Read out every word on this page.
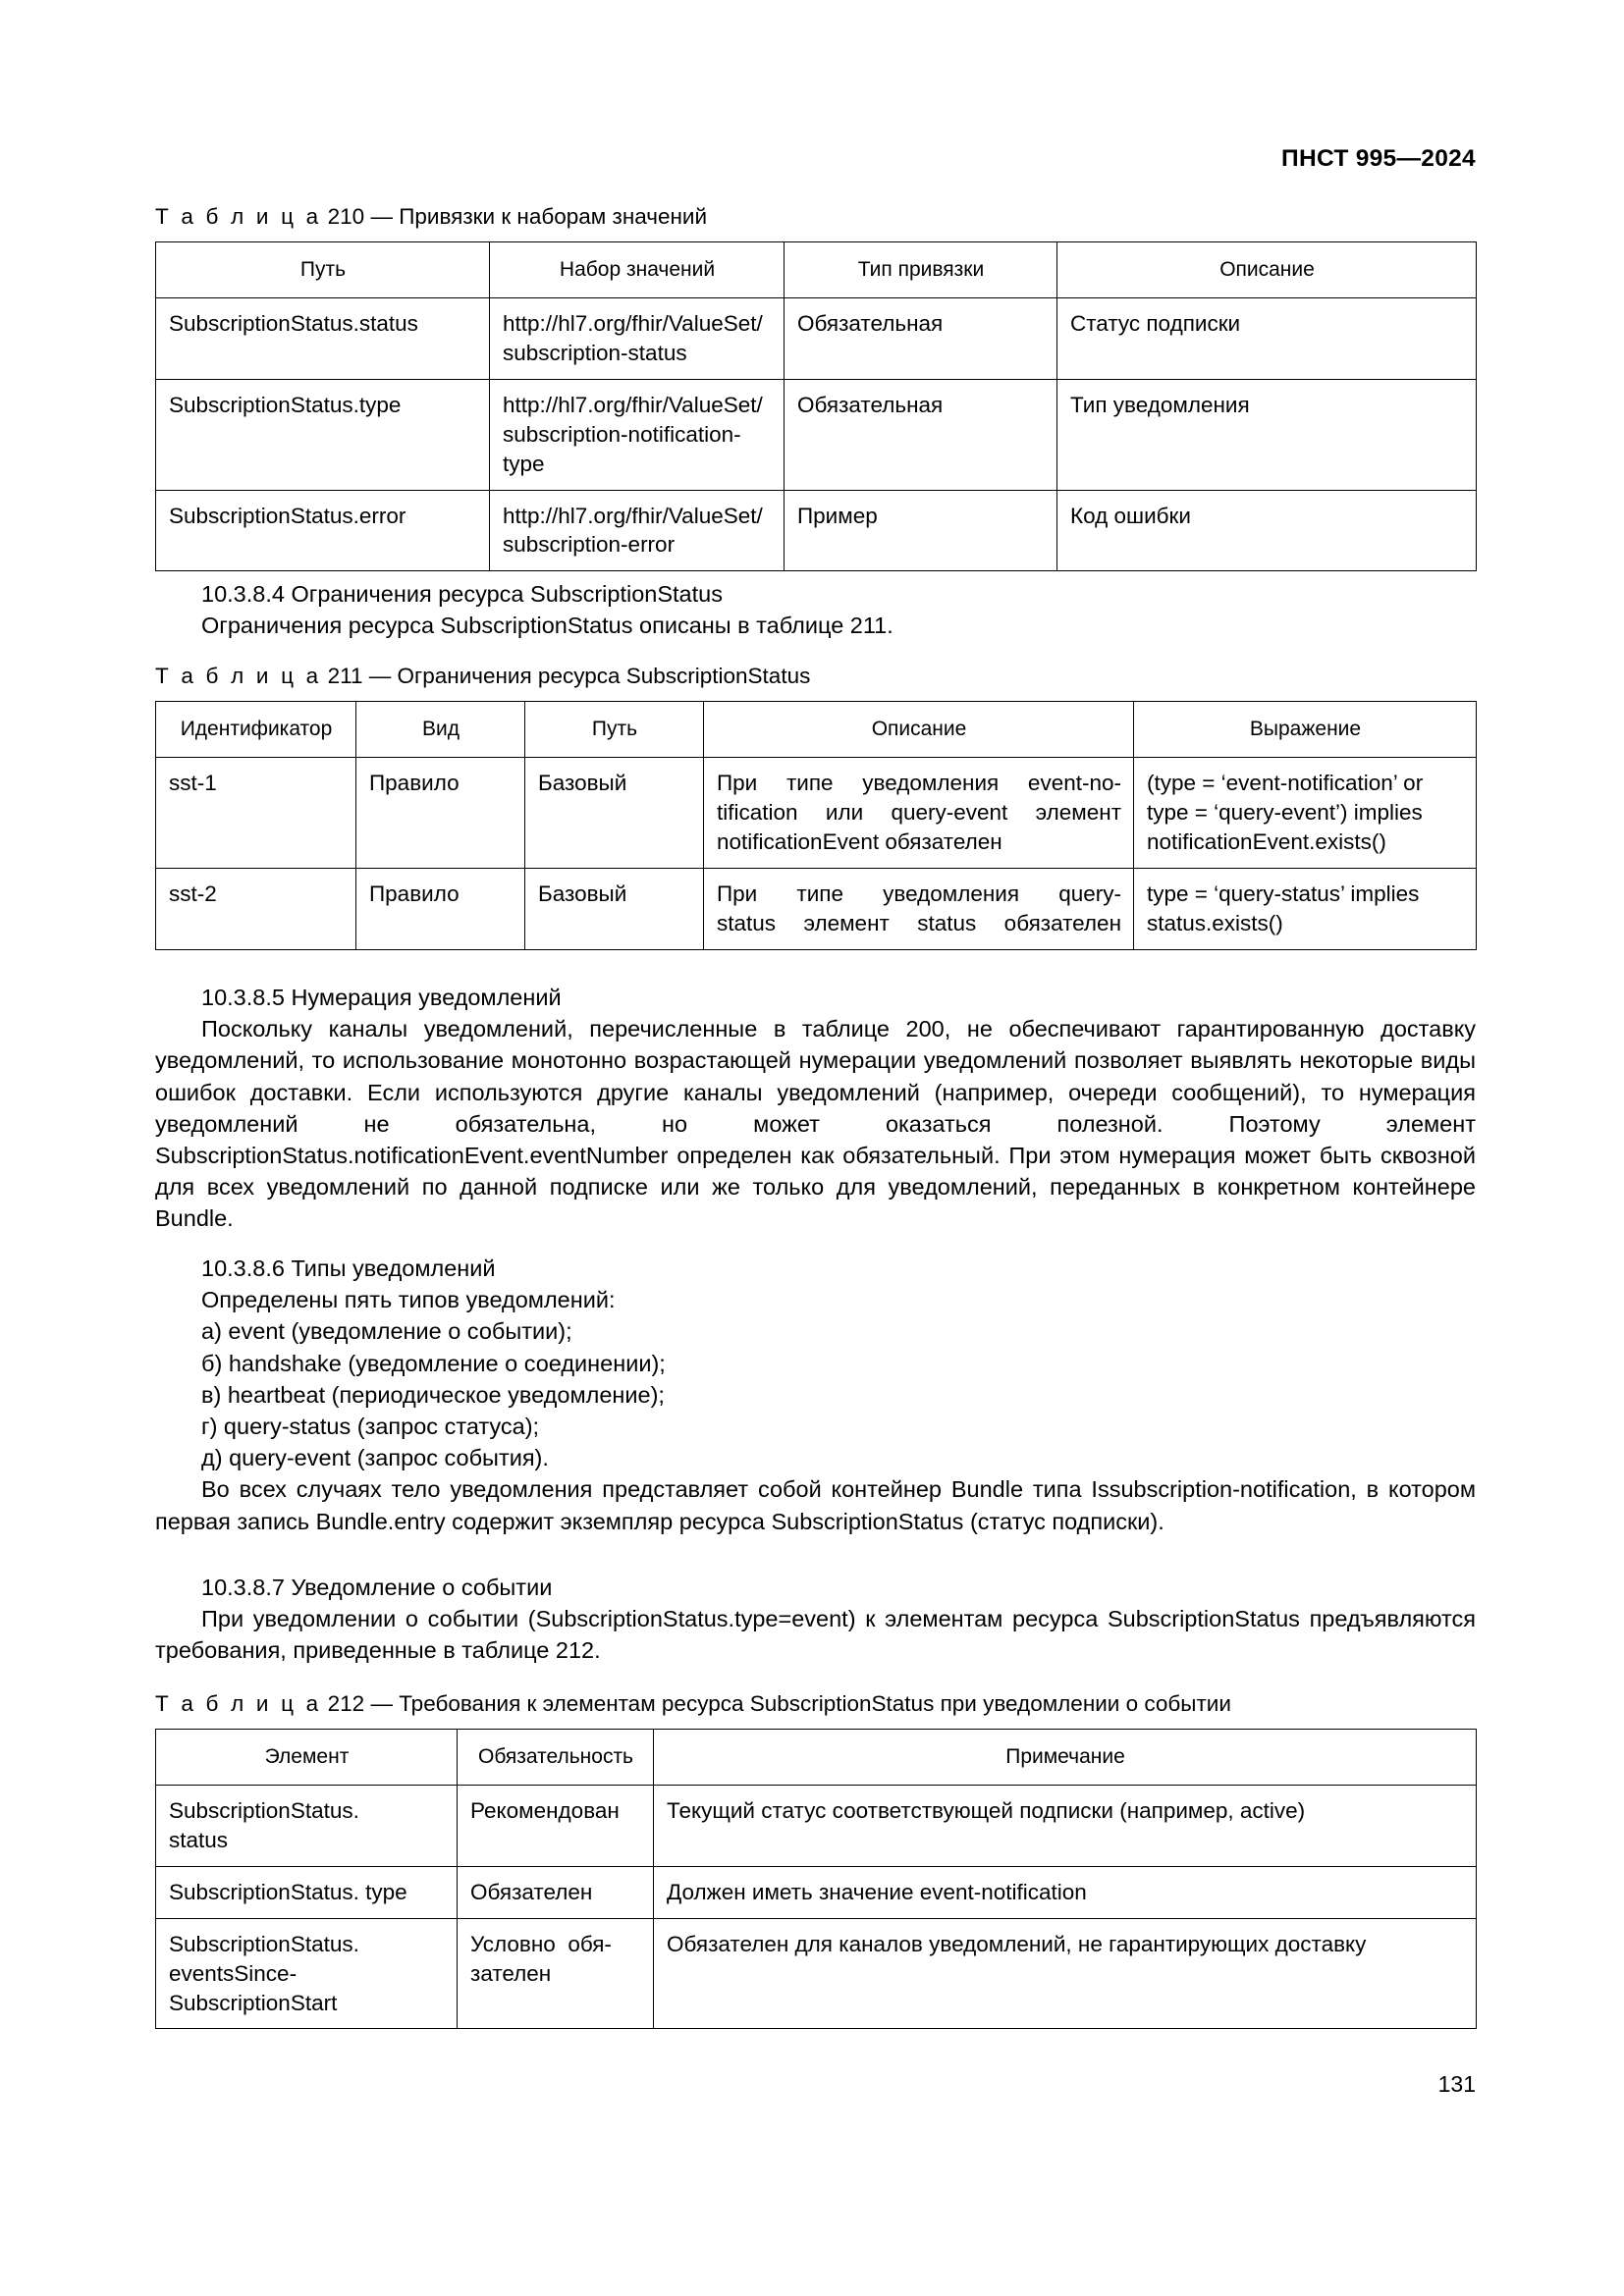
ПНСТ 995—2024
Т а б л и ц а 210 — Привязки к наборам значений
Путь	Набор значений	Тип привязки	Описание
SubscriptionStatus.status	http://hl7.org/fhir/ValueSet/
subscription-status	Обязательная	Статус подписки
SubscriptionStatus.type	http://hl7.org/fhir/ValueSet/
subscription-notification-type	Обязательная	Тип уведомления
SubscriptionStatus.error	http://hl7.org/fhir/ValueSet/
subscription-error	Пример	Код ошибки

10.3.8.4 Ограничения ресурса SubscriptionStatus

Ограничения ресурса SubscriptionStatus описаны в таблице 211.

Т а б л и ц а 211 — Ограничения ресурса SubscriptionStatus
Идентификатор	Вид	Путь	Описание	Выражение
sst-1	Правило	Базовый	При типе уведомления event-no-
tification или query-event элемент
notificationEvent обязателен	(type = ‘event-notification’ or
type = ‘query-event’) implies
notificationEvent.exists()

sst-2	Правило	Базовый	При типе уведомления query-
status элемент status обязателен	type = ‘query-status’ implies
status.exists()

10.3.8.5 Нумерация уведомлений

Поскольку каналы уведомлений, перечисленные в таблице 200, не обеспечивают гарантированную доставку уведомлений, то использование монотонно возрастающей нумерации уведомлений позволяет выявлять некоторые виды ошибок доставки. Если используются другие каналы уведомлений (например, очереди сообщений), то нумерация уведомлений не обязательна, но может оказаться полезной. Поэтому элемент SubscriptionStatus.notificationEvent.eventNumber определен как обязательный. При этом нумерация может быть сквозной для всех уведомлений по данной подписке или же только для уведомлений, переданных в конкретном контейнере Bundle.

10.3.8.6 Типы уведомлений

Определены пять типов уведомлений:

а) event (уведомление о событии);

б) handshake (уведомление о соединении);

в) heartbeat (периодическое уведомление);

г) query-status (запрос статуса);

д) query-event (запрос события).

Во всех случаях тело уведомления представляет собой контейнер Bundle типа Issubscription-notification, в котором первая запись Bundle.entry содержит экземпляр ресурса SubscriptionStatus (статус подписки).

10.3.8.7 Уведомление о событии

При уведомлении о событии (SubscriptionStatus.type=event) к элементам ресурса SubscriptionStatus предъявляются требования, приведенные в таблице 212.

Т а б л и ц а 212 — Требования к элементам ресурса SubscriptionStatus при уведомлении о событии
Элемент	Обязательность	Примечание

SubscriptionStatus.
status	Рекомендован	Текущий статус соответствующей подписки (например, active)

SubscriptionStatus. type	Обязателен	Должен иметь значение event-notification

SubscriptionStatus.
eventsSince-
SubscriptionStart	Условно  обя-
зателен	Обязателен для каналов уведомлений, не гарантирующих доставку
131
